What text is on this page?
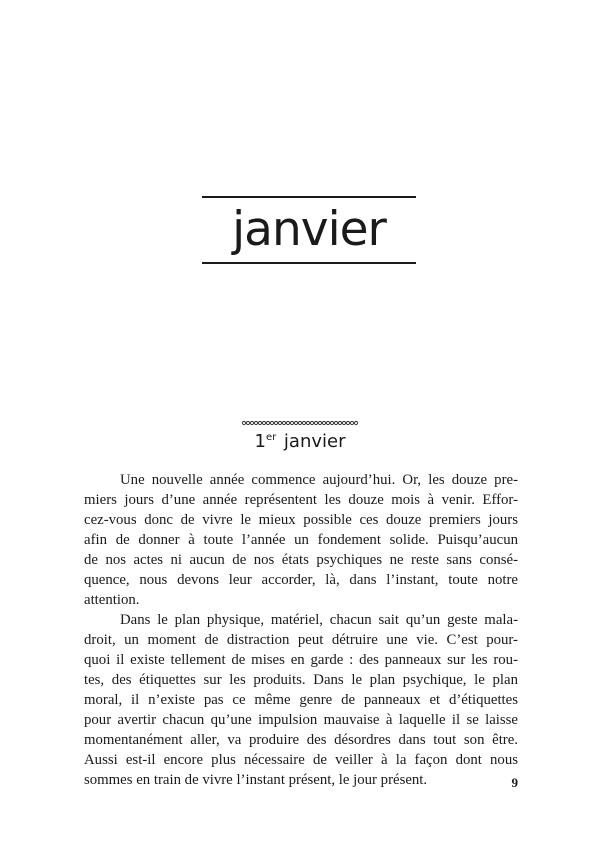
janvier
1er janvier
Une nouvelle année commence aujourd’hui. Or, les douze pre-
miers jours d’une année représentent les douze mois à venir. Effor-
cez-vous donc de vivre le mieux possible ces douze premiers jours
afin de donner à toute l’année un fondement solide. Puisqu’aucun
de nos actes ni aucun de nos états psychiques ne reste sans consé-
quence, nous devons leur accorder, là, dans l’instant, toute notre
attention.
Dans le plan physique, matériel, chacun sait qu’un geste mala-
droit, un moment de distraction peut détruire une vie. C’est pour-
quoi il existe tellement de mises en garde : des panneaux sur les rou-
tes, des étiquettes sur les produits. Dans le plan psychique, le plan
moral, il n’existe pas ce même genre de panneaux et d’étiquettes
pour avertir chacun qu’une impulsion mauvaise à laquelle il se laisse
momentanément aller, va produire des désordres dans tout son être.
Aussi est-il encore plus nécessaire de veiller à la façon dont nous
sommes en train de vivre l’instant présent, le jour présent.	9
